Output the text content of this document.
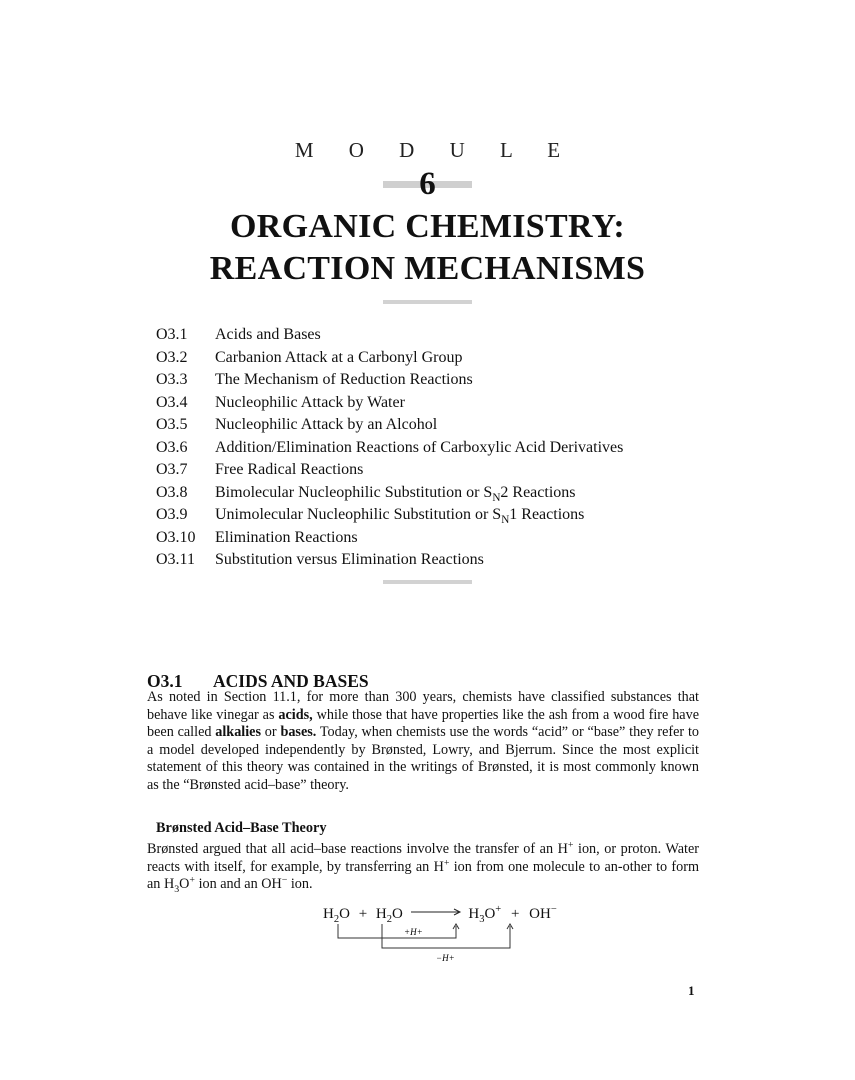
M O D U L E
6
ORGANIC CHEMISTRY:
REACTION MECHANISMS
O3.1	Acids and Bases
O3.2	Carbanion Attack at a Carbonyl Group
O3.3	The Mechanism of Reduction Reactions
O3.4	Nucleophilic Attack by Water
O3.5	Nucleophilic Attack by an Alcohol
O3.6	Addition/Elimination Reactions of Carboxylic Acid Derivatives
O3.7	Free Radical Reactions
O3.8	Bimolecular Nucleophilic Substitution or $S_N2$ Reactions
O3.9	Unimolecular Nucleophilic Substitution or $S_N1$ Reactions
O3.10	Elimination Reactions
O3.11	Substitution versus Elimination Reactions
O3.1 ACIDS AND BASES
As noted in Section 11.1, for more than 300 years, chemists have classified substances that behave like vinegar as acids, while those that have properties like the ash from a wood fire have been called alkalies or bases. Today, when chemists use the words “acid” or “base” they refer to a model developed independently by Brønsted, Lowry, and Bjerrum. Since the most explicit statement of this theory was contained in the writings of Brønsted, it is most commonly known as the “Brønsted acid–base” theory.
Brønsted Acid–Base Theory
Brønsted argued that all acid–base reactions involve the transfer of an H+ ion, or proton. Water reacts with itself, for example, by transferring an H+ ion from one molecule to an-other to form an $H_3O^+$ ion and an OH− ion.
$H_2O + H_2O \to H_3O^+ + OH^-$
+H+
−H+
1
